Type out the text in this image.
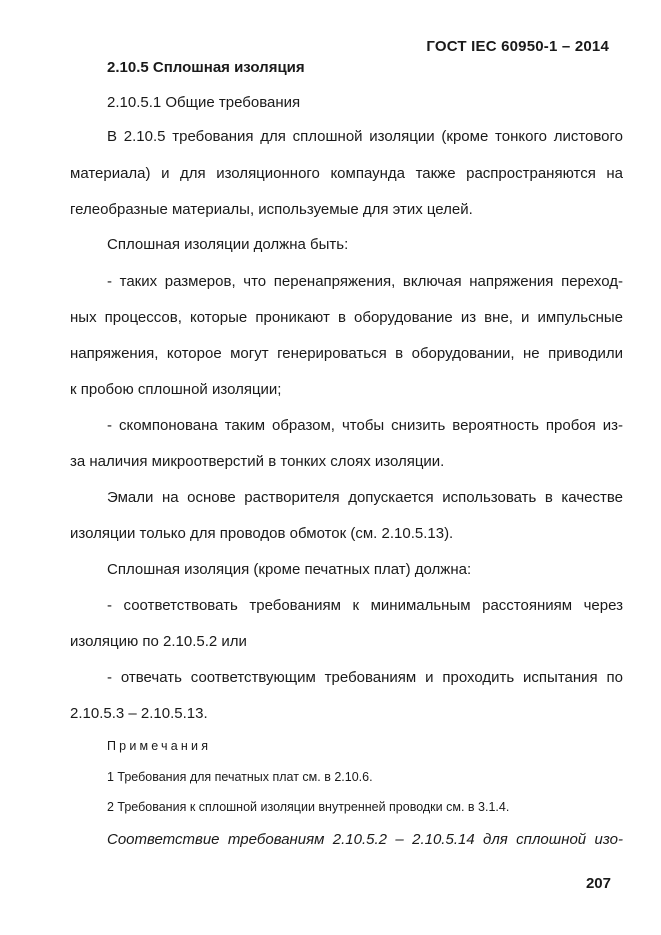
ГОСТ IEC 60950-1 – 2014
2.10.5 Сплошная изоляция
2.10.5.1 Общие требования
В 2.10.5 требования для сплошной изоляции (кроме тонкого листового
материала) и для изоляционного компаунда также распространяются на
гелеобразные материалы, используемые для этих целей.
Сплошная изоляции должна быть:
- таких размеров, что перенапряжения, включая напряжения переход-
ных процессов, которые проникают в оборудование из вне, и импульсные
напряжения, которое могут генерироваться в оборудовании, не приводили
к пробою сплошной изоляции;
- скомпонована таким образом, чтобы снизить вероятность пробоя из-
за наличия микроотверстий в тонких слоях изоляции.
Эмали на основе растворителя допускается использовать в качестве
изоляции только для проводов обмоток (см. 2.10.5.13).
Сплошная изоляция (кроме печатных плат) должна:
- соответствовать требованиям к минимальным расстояниям через
изоляцию по 2.10.5.2 или
- отвечать соответствующим требованиям и проходить испытания по
2.10.5.3 – 2.10.5.13.
Примечания
1 Требования для печатных плат см. в 2.10.6.
2 Требования к сплошной изоляции внутренней проводки см. в 3.1.4.
Соответствие требованиям 2.10.5.2 – 2.10.5.14 для сплошной изо-
207
